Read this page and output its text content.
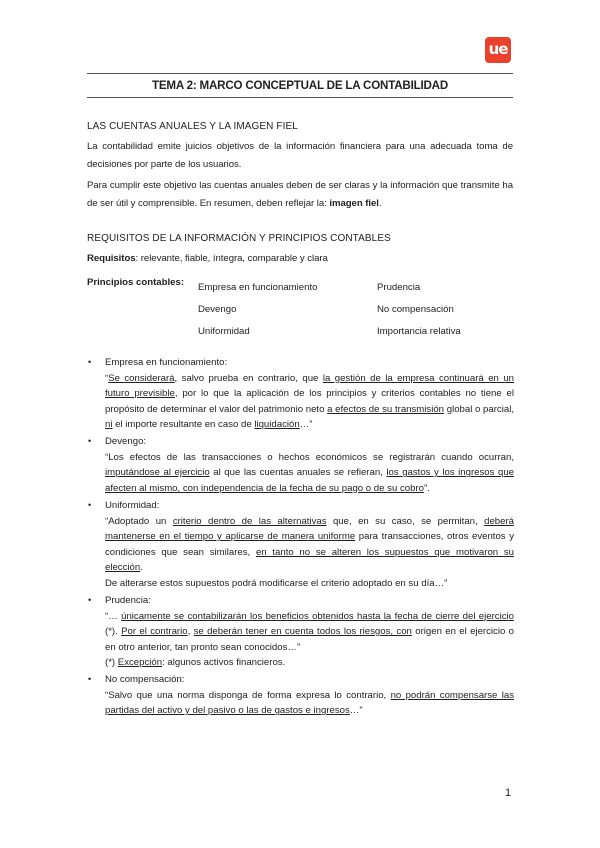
ue
TEMA 2: MARCO CONCEPTUAL DE LA CONTABILIDAD
LAS CUENTAS ANUALES Y LA IMAGEN FIEL
La contabilidad emite juicios objetivos de la información financiera para una adecuada toma de decisiones por parte de los usuarios.
Para cumplir este objetivo las cuentas anuales deben de ser claras y la información que transmite ha de ser útil y comprensible. En resumen, deben reflejar la: imagen fiel.
REQUISITOS DE LA INFORMACIÓN Y PRINCIPIOS CONTABLES
Requisitos: relevante, fiable, íntegra, comparable y clara
Principios contables: Empresa en funcionamiento	Prudencia
Devengo	No compensación
Uniformidad	Importancia relativa
• Empresa en funcionamiento:
“Se considerará, salvo prueba en contrario, que la gestión de la empresa continuará en un futuro previsible, por lo que la aplicación de los principios y criterios contables no tiene el propósito de determinar el valor del patrimonio neto a efectos de su transmisión global o parcial, ni el importe resultante en caso de liquidación…”
• Devengo:
“Los efectos de las transacciones o hechos económicos se registrarán cuando ocurran, imputándose al ejercicio al que las cuentas anuales se refieran, los gastos y los ingresos que afecten al mismo, con independencia de la fecha de su pago o de su cobro”.
• Uniformidad:
“Adoptado un criterio dentro de las alternativas que, en su caso, se permitan, deberá mantenerse en el tiempo y aplicarse de manera uniforme para transacciones, otros eventos y condiciones que sean similares, en tanto no se alteren los supuestos que motivaron su elección.
De alterarse estos supuestos podrá modificarse el criterio adoptado en su día…”
• Prudencia:
“… únicamente se contabilizarán los beneficios obtenidos hasta la fecha de cierre del ejercicio (*). Por el contrario, se deberán tener en cuenta todos los riesgos, con origen en el ejercicio o en otro anterior, tan pronto sean conocidos…”
(*) Excepción: algunos activos financieros.
• No compensación:
“Salvo que una norma disponga de forma expresa lo contrario, no podrán compensarse las partidas del activo y del pasivo o las de gastos e ingresos…”
1
